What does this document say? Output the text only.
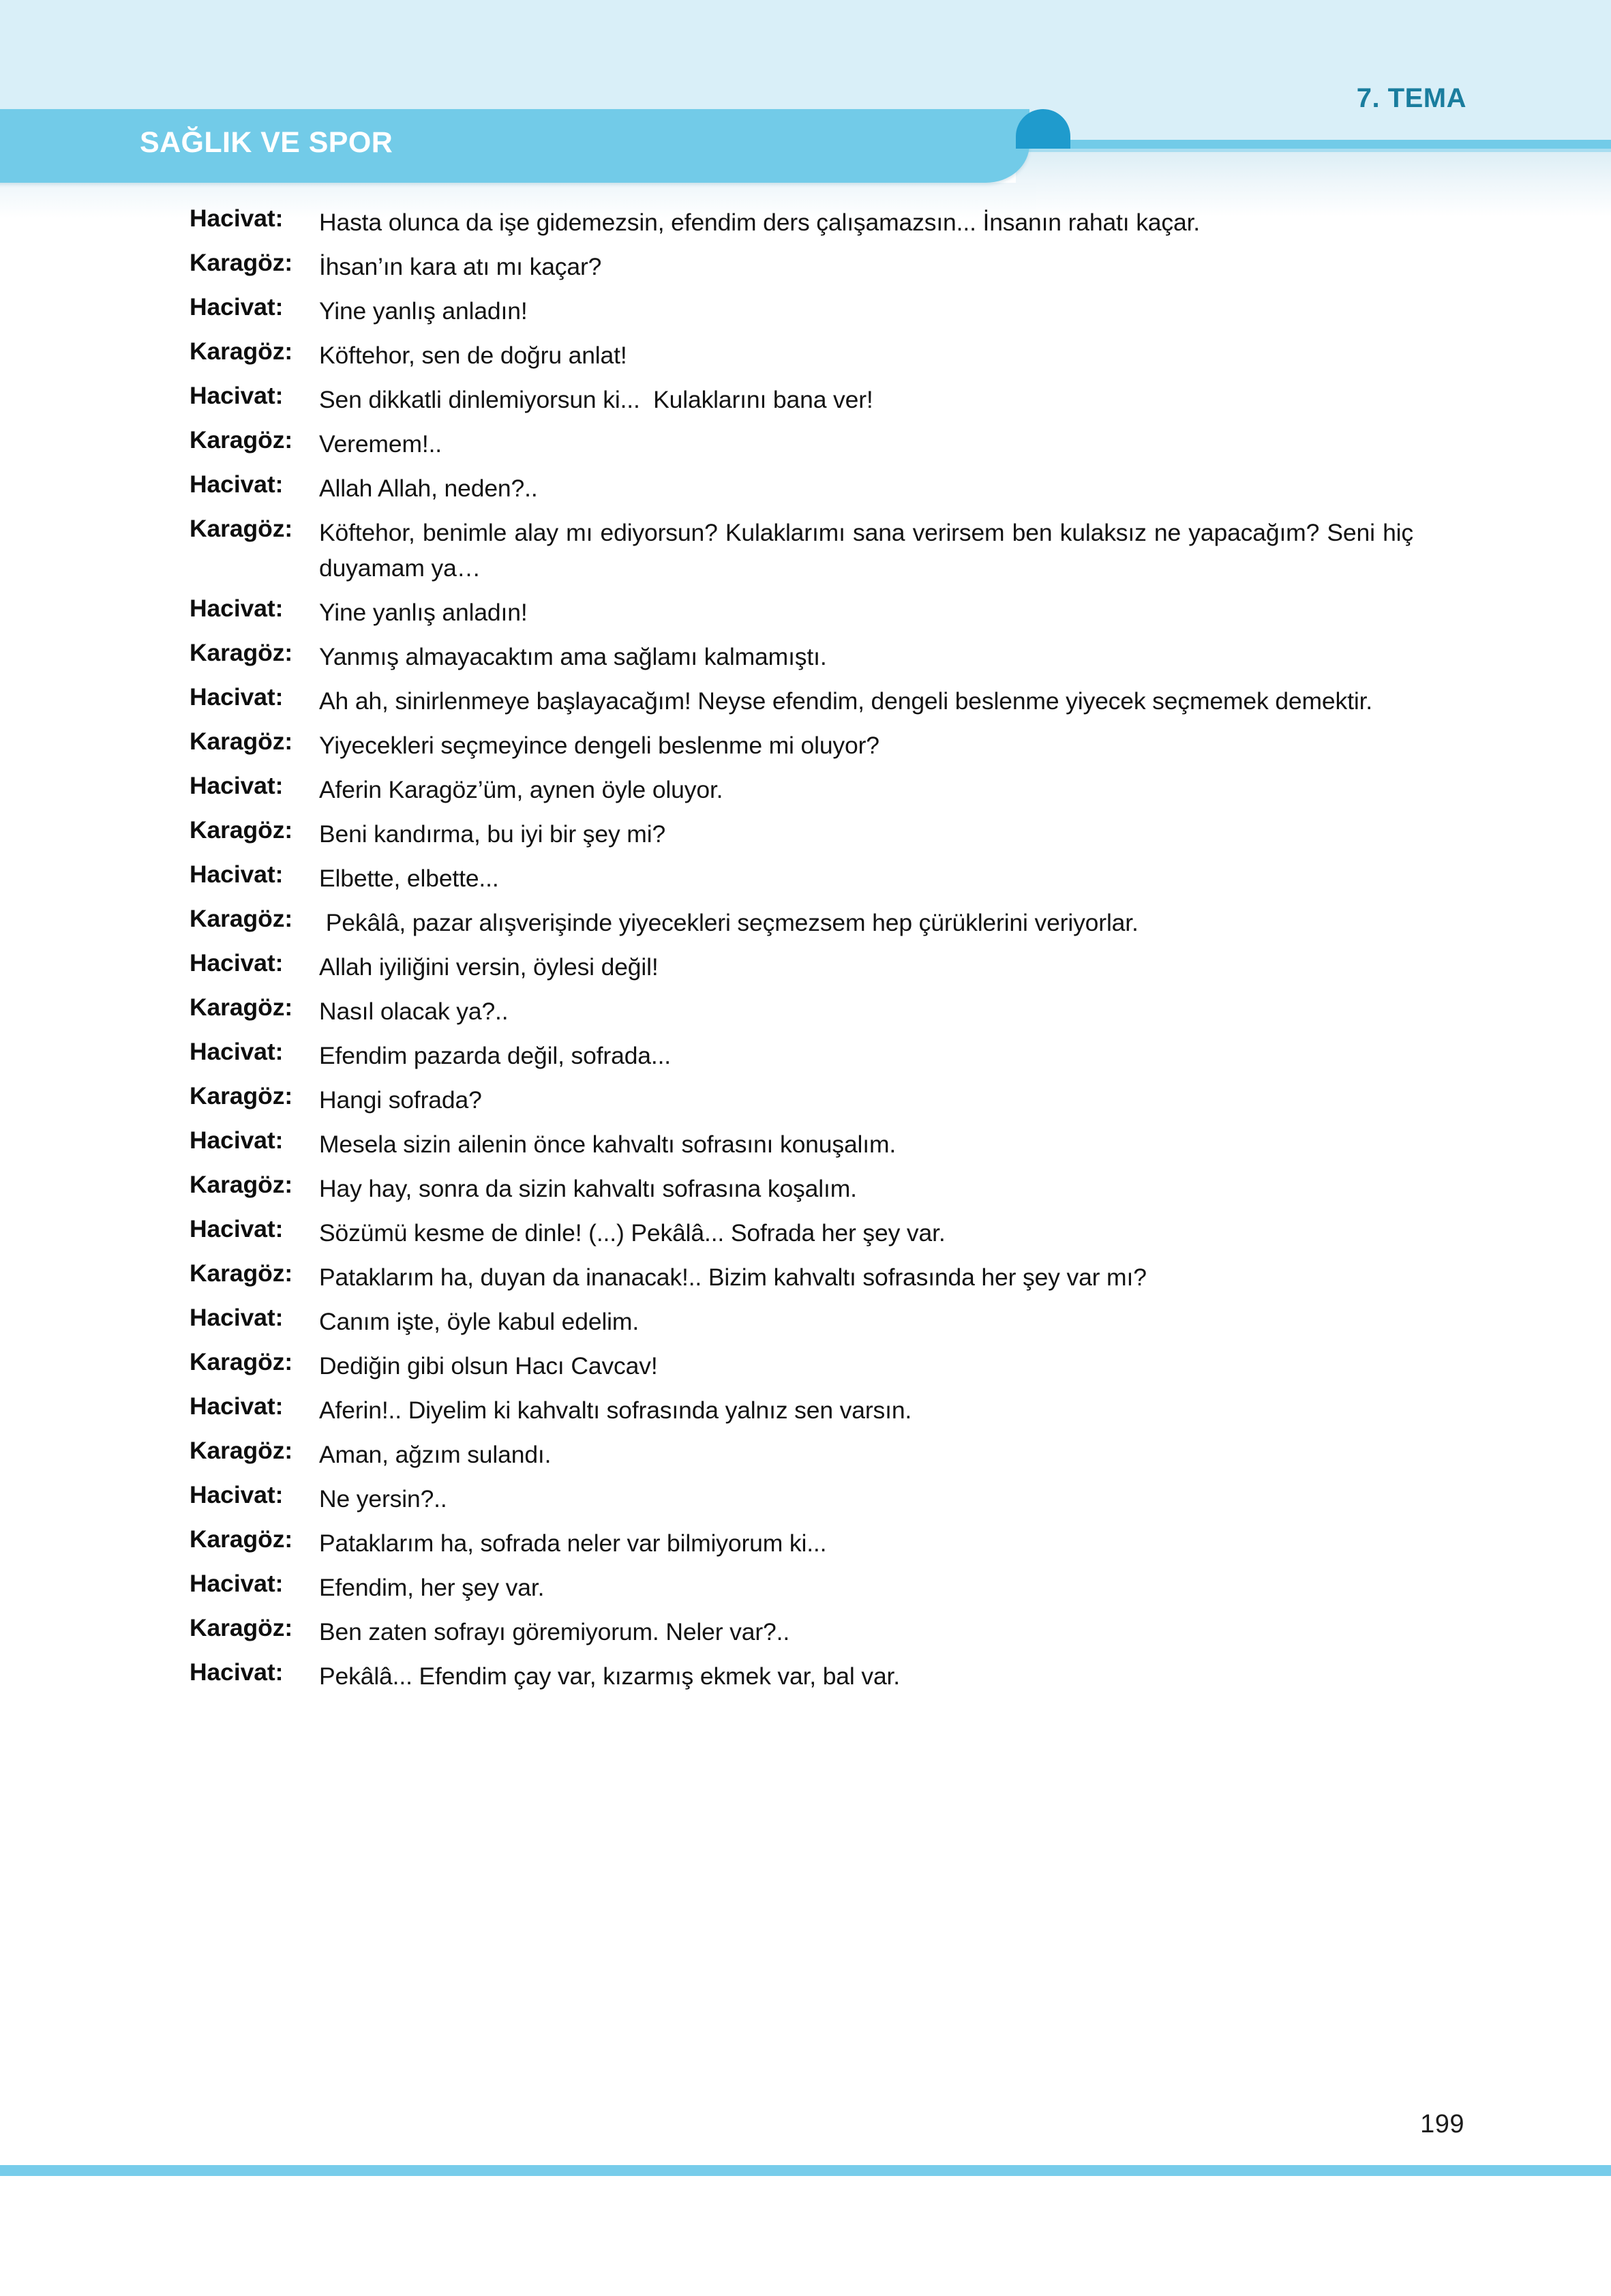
SAĞLIK VE SPOR
7. TEMA
Hacivat:	Hasta olunca da işe gidemezsin, efendim ders çalışamazsın... İnsanın rahatı kaçar.
Karagöz:	İhsan’ın kara atı mı kaçar?
Hacivat:	Yine yanlış anladın!
Karagöz:	Köftehor, sen de doğru anlat!
Hacivat:	Sen dikkatli dinlemiyorsun ki...  Kulaklarını bana ver!
Karagöz:	Veremem!..
Hacivat:	Allah Allah, neden?..
Karagöz:	Köftehor, benimle alay mı ediyorsun? Kulaklarımı sana verirsem ben kulaksız ne yapacağım? Seni hiç duyamam ya…
Hacivat:	Yine yanlış anladın!
Karagöz:	Yanmış almayacaktım ama sağlamı kalmamıştı.
Hacivat:	Ah ah, sinirlenmeye başlayacağım! Neyse efendim, dengeli beslenme yiyecek seçmemek demektir.
Karagöz:	Yiyecekleri seçmeyince dengeli beslenme mi oluyor?
Hacivat:	Aferin Karagöz’üm, aynen öyle oluyor.
Karagöz:	Beni kandırma, bu iyi bir şey mi?
Hacivat:	Elbette, elbette...
Karagöz:	Pekâlâ, pazar alışverişinde yiyecekleri seçmezsem hep çürüklerini veriyorlar.
Hacivat:	Allah iyiliğini versin, öylesi değil!
Karagöz:	Nasıl olacak ya?..
Hacivat:	Efendim pazarda değil, sofrada...
Karagöz:	Hangi sofrada?
Hacivat:	Mesela sizin ailenin önce kahvaltı sofrasını konuşalım.
Karagöz:	Hay hay, sonra da sizin kahvaltı sofrasına koşalım.
Hacivat:	Sözümü kesme de dinle! (...) Pekâlâ... Sofrada her şey var.
Karagöz:	Pataklarım ha, duyan da inanacak!.. Bizim kahvaltı sofrasında her şey var mı?
Hacivat:	Canım işte, öyle kabul edelim.
Karagöz:	Dediğin gibi olsun Hacı Cavcav!
Hacivat:	Aferin!.. Diyelim ki kahvaltı sofrasında yalnız sen varsın.
Karagöz:	Aman, ağzım sulandı.
Hacivat:	Ne yersin?..
Karagöz:	Pataklarım ha, sofrada neler var bilmiyorum ki...
Hacivat:	Efendim, her şey var.
Karagöz:	Ben zaten sofrayı göremiyorum. Neler var?..
Hacivat:	Pekâlâ... Efendim çay var, kızarmış ekmek var, bal var.
199
